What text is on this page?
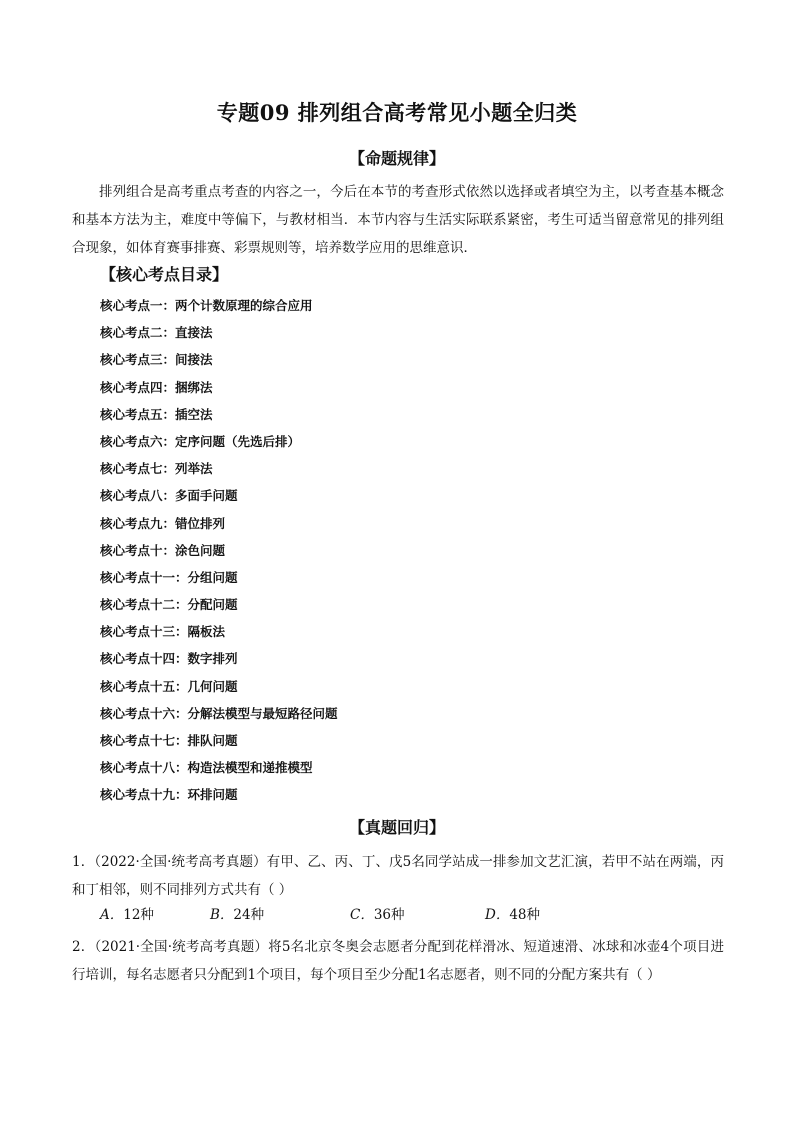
专题09 排列组合高考常见小题全归类
【命题规律】
排列组合是高考重点考查的内容之一，今后在本节的考查形式依然以选择或者填空为主，以考查基本概念和基本方法为主，难度中等偏下，与教材相当．本节内容与生活实际联系紧密，考生可适当留意常见的排列组合现象，如体育赛事排赛、彩票规则等，培养数学应用的思维意识．
【核心考点目录】
核心考点一：两个计数原理的综合应用
核心考点二：直接法
核心考点三：间接法
核心考点四：捆绑法
核心考点五：插空法
核心考点六：定序问题（先选后排）
核心考点七：列举法
核心考点八：多面手问题
核心考点九：错位排列
核心考点十：涂色问题
核心考点十一：分组问题
核心考点十二：分配问题
核心考点十三：隔板法
核心考点十四：数字排列
核心考点十五：几何问题
核心考点十六：分解法模型与最短路径问题
核心考点十七：排队问题
核心考点十八：构造法模型和递推模型
核心考点十九：环排问题
【真题回归】
1．（2022·全国·统考高考真题）有甲、乙、丙、丁、戊5名同学站成一排参加文艺汇演，若甲不站在两端，丙和丁相邻，则不同排列方式共有（ ）
A．12种	B．24种	C．36种	D．48种
2．（2021·全国·统考高考真题）将5名北京冬奥会志愿者分配到花样滑冰、短道速滑、冰球和冰壶4个项目进行培训，每名志愿者只分配到1个项目，每个项目至少分配1名志愿者，则不同的分配方案共有（ ）
